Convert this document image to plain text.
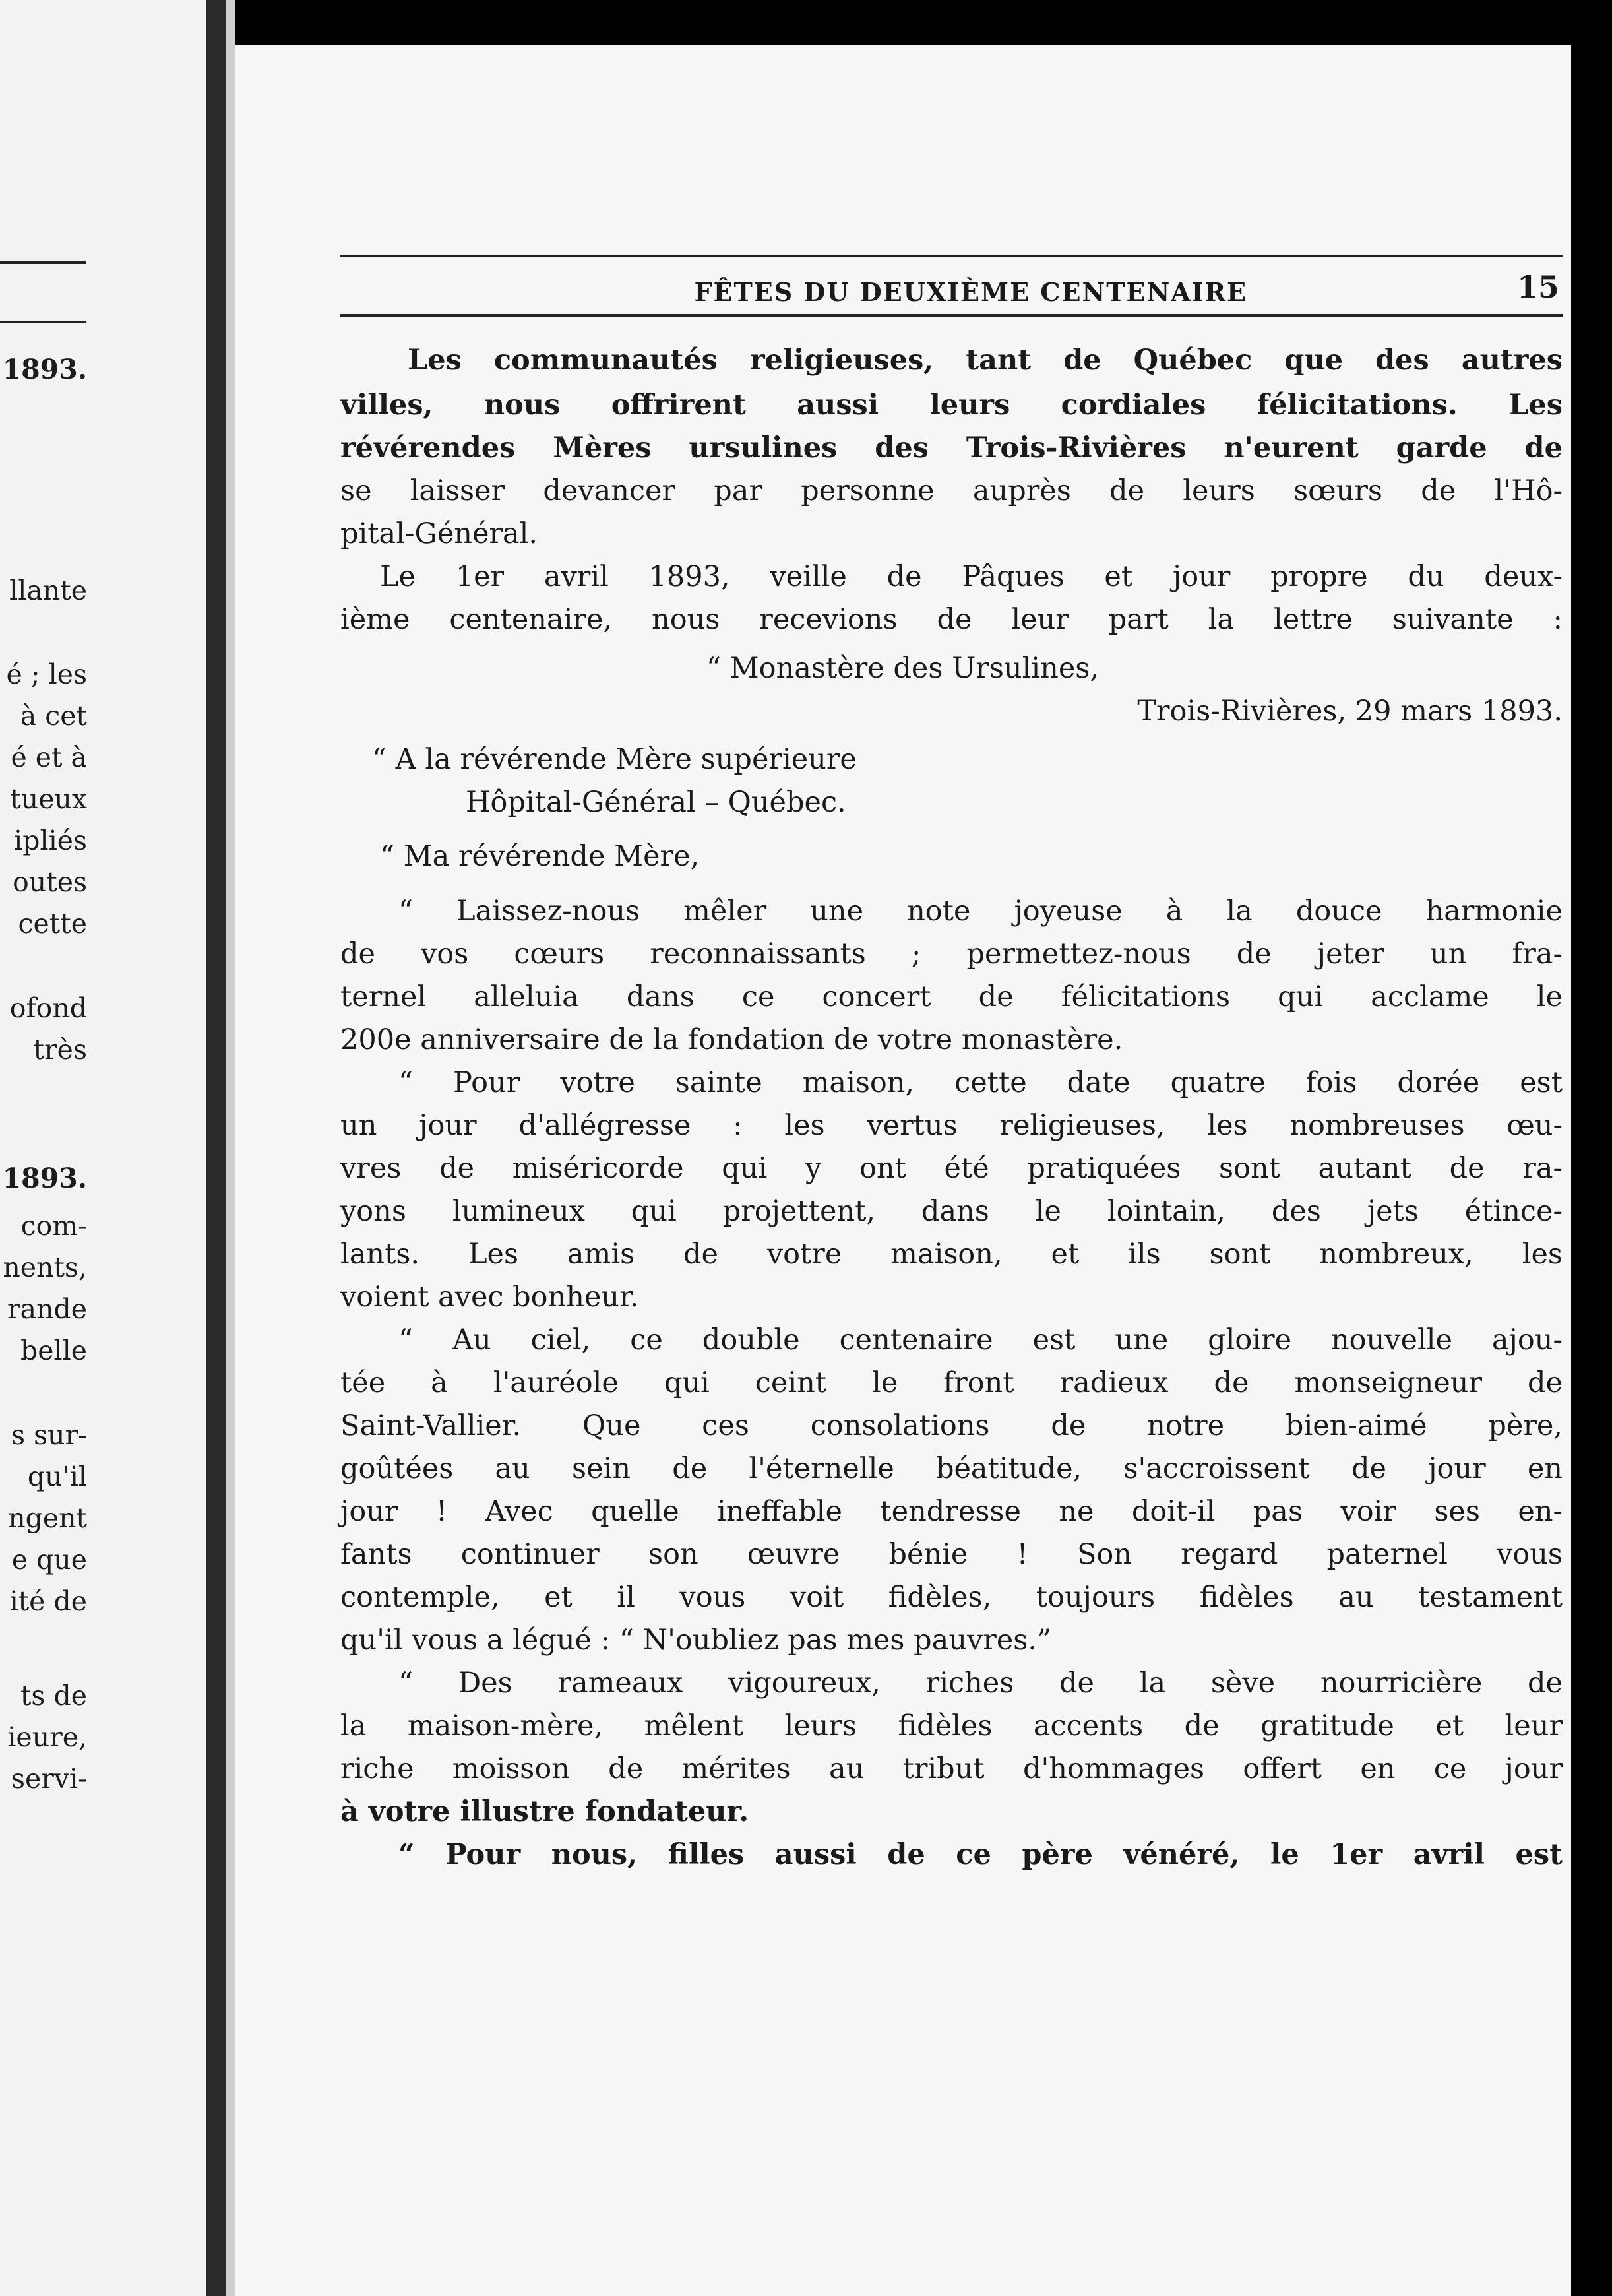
1893.
llante
é ; les
à cet
é et à
tueux
ipliés
outes
cette
ofond
très
1893.
com-
nents,
rande
belle
s sur-
qu'il
ngent
e que
ité de
ts de
ieure,
servi-
FÊTES DU DEUXIÈME CENTENAIRE	15
Les communautés religieuses, tant de Québec que des autres
villes, nous offrirent aussi leurs cordiales félicitations. Les
révérendes Mères ursulines des Trois-Rivières n'eurent garde de
se laisser devancer par personne auprès de leurs sœurs de l'Hô-
pital-Général.
Le 1er avril 1893, veille de Pâques et jour propre du deux-
ième centenaire, nous recevions de leur part la lettre suivante :
“ Monastère des Ursulines,
Trois-Rivières, 29 mars 1893.
“ A la révérende Mère supérieure
Hôpital-Général – Québec.
“ Ma révérende Mère,
“ Laissez-nous mêler une note joyeuse à la douce harmonie
de vos cœurs reconnaissants ; permettez-nous de jeter un fra-
ternel alleluia dans ce concert de félicitations qui acclame le
200e anniversaire de la fondation de votre monastère.
“ Pour votre sainte maison, cette date quatre fois dorée est
un jour d'allégresse : les vertus religieuses, les nombreuses œu-
vres de miséricorde qui y ont été pratiquées sont autant de ra-
yons lumineux qui projettent, dans le lointain, des jets étince-
lants. Les amis de votre maison, et ils sont nombreux, les
voient avec bonheur.
“ Au ciel, ce double centenaire est une gloire nouvelle ajou-
tée à l'auréole qui ceint le front radieux de monseigneur de
Saint-Vallier. Que ces consolations de notre bien-aimé père,
goûtées au sein de l'éternelle béatitude, s'accroissent de jour en
jour ! Avec quelle ineffable tendresse ne doit-il pas voir ses en-
fants continuer son œuvre bénie ! Son regard paternel vous
contemple, et il vous voit fidèles, toujours fidèles au testament
qu'il vous a légué : “ N'oubliez pas mes pauvres.”
“ Des rameaux vigoureux, riches de la sève nourricière de
la maison-mère, mêlent leurs fidèles accents de gratitude et leur
riche moisson de mérites au tribut d'hommages offert en ce jour
à votre illustre fondateur.
“ Pour nous, filles aussi de ce père vénéré, le 1er avril est
